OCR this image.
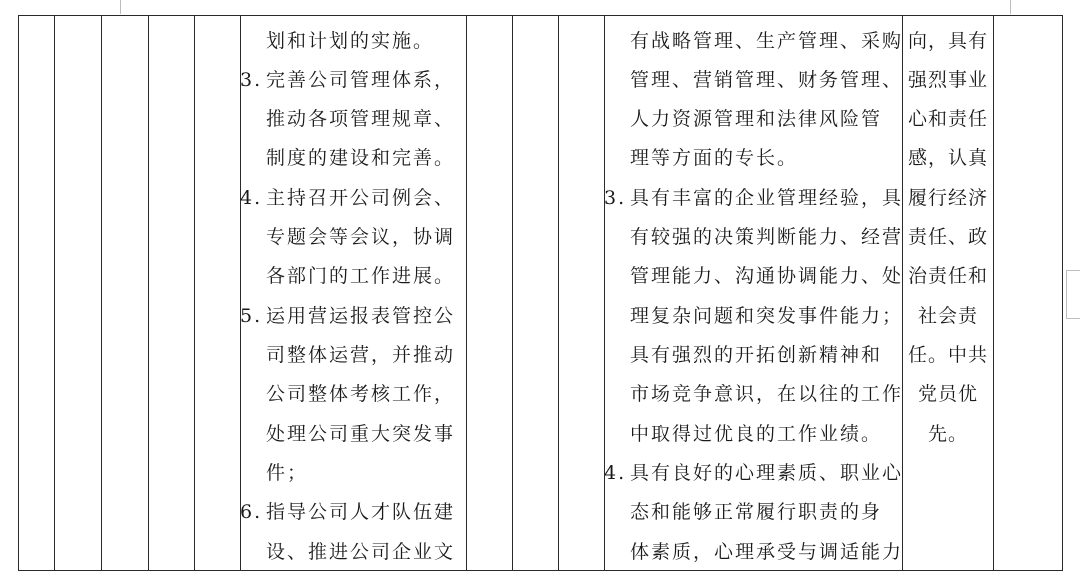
划和计划的实施。
3. 完善公司管理体系，
推动各项管理规章、
制度的建设和完善。
4. 主持召开公司例会、
专题会等会议，协调
各部门的工作进展。
5. 运用营运报表管控公
司整体运营，并推动
公司整体考核工作，
处理公司重大突发事
件；
6. 指导公司人才队伍建
设、推进公司企业文
有战略管理、生产管理、采购
管理、营销管理、财务管理、
人力资源管理和法律风险管
理等方面的专长。
3. 具有丰富的企业管理经验，具
有较强的决策判断能力、经营
管理能力、沟通协调能力、处
理复杂问题和突发事件能力；
具有强烈的开拓创新精神和
市场竞争意识，在以往的工作
中取得过优良的工作业绩。
4. 具有良好的心理素质、职业心
态和能够正常履行职责的身
体素质，心理承受与调适能力
向，具有
强烈事业
心和责任
感，认真
履行经济
责任、政
治责任和
社会责
任。中共
党员优
先。
